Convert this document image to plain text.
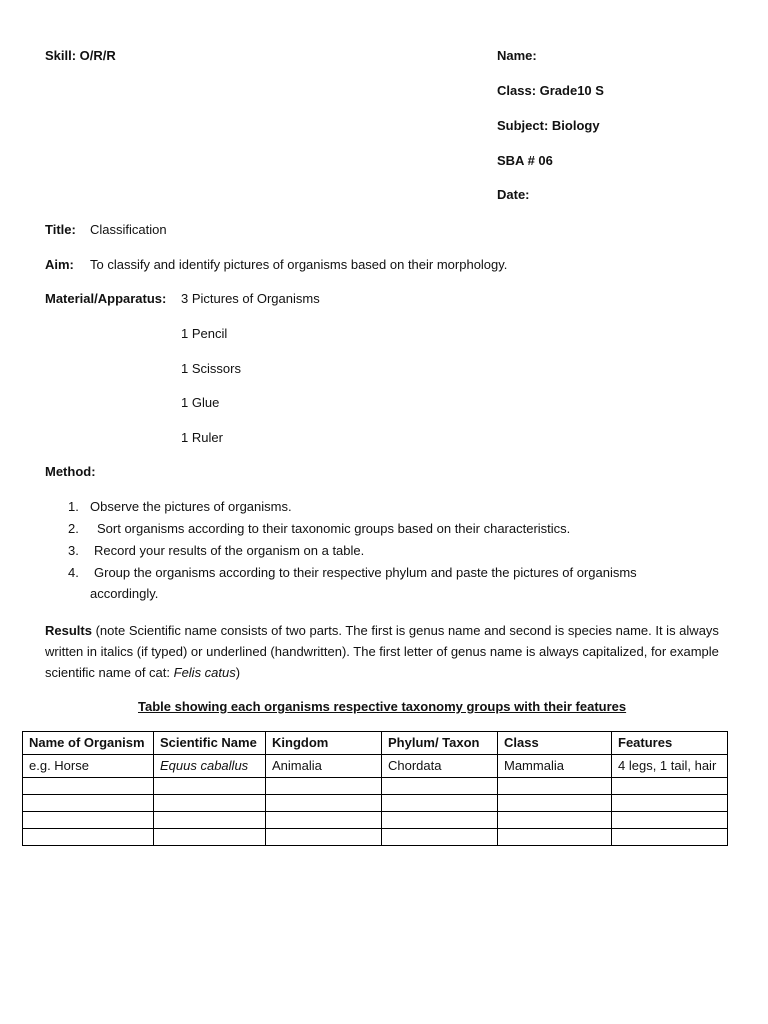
Skill: O/R/R	Name:
Class: Grade10 S
Subject: Biology
SBA # 06
Date:
Title: Classification
Aim: To classify and identify pictures of organisms based on their morphology.
Material/Apparatus: 3 Pictures of Organisms
1 Pencil
1 Scissors
1 Glue
1 Ruler
Method:
1. Observe the pictures of organisms.
2. Sort organisms according to their taxonomic groups based on their characteristics.
3. Record your results of the organism on a table.
4. Group the organisms according to their respective phylum and paste the pictures of organisms
accordingly.
Results (note Scientific name consists of two parts. The first is genus name and second is species name. It is always written in italics (if typed) or underlined (handwritten). The first letter of genus name is always capitalized, for example scientific name of cat: Felis catus)
Table showing each organisms respective taxonomy groups with their features
Name of Organism	Scientific Name	Kingdom	Phylum/ Taxon	Class	Features
e.g. Horse	Equus caballus	Animalia	Chordata	Mammalia	4 legs, 1 tail, hair
